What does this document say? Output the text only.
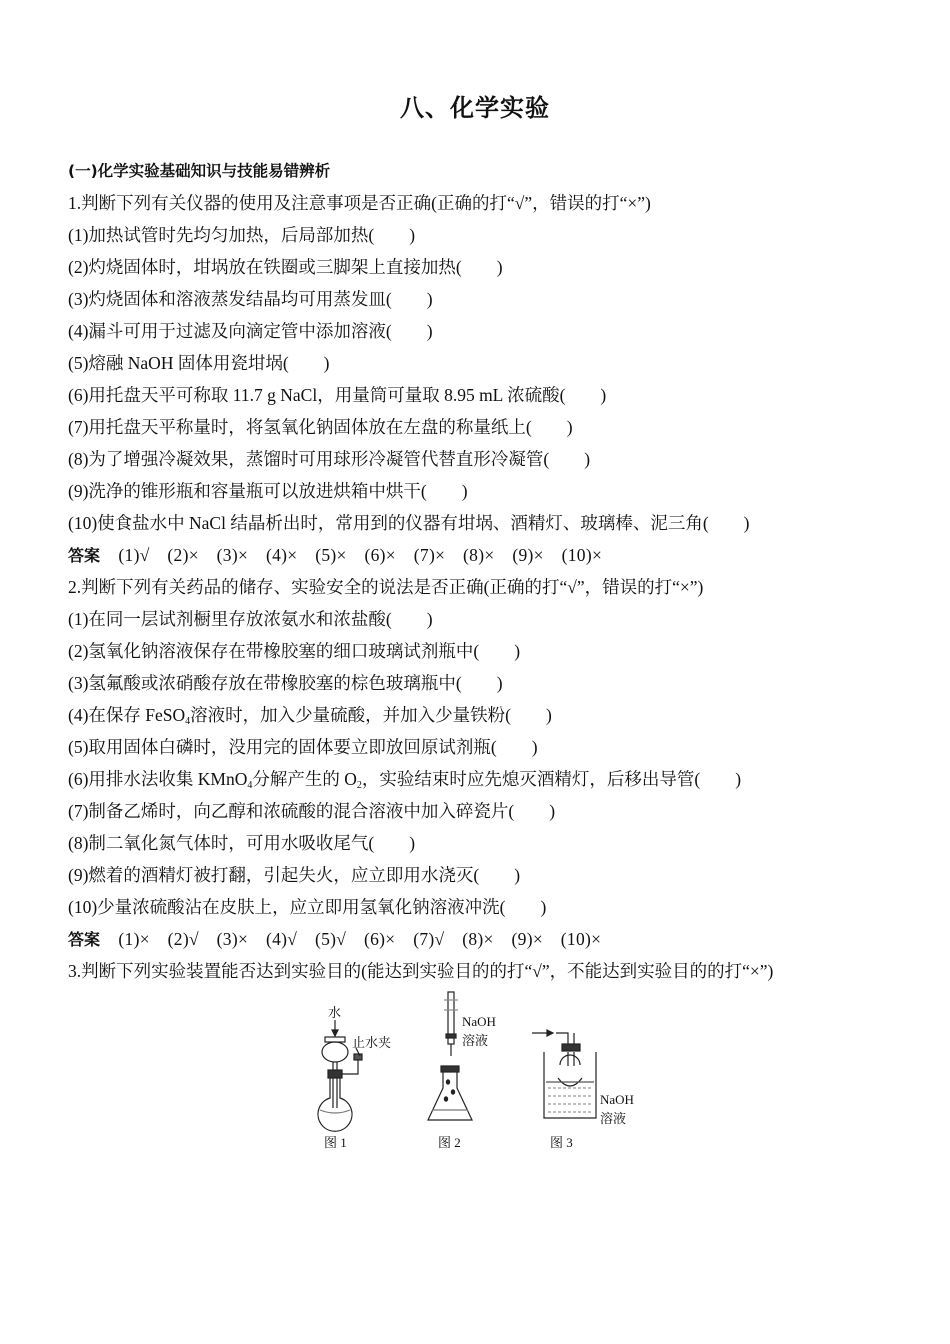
八、化学实验
(一)化学实验基础知识与技能易错辨析
1.判断下列有关仪器的使用及注意事项是否正确(正确的打“√”，错误的打“×”)
(1)加热试管时先均匀加热，后局部加热(　　)
(2)灼烧固体时，坩埚放在铁圈或三脚架上直接加热(　　)
(3)灼烧固体和溶液蒸发结晶均可用蒸发皿(　　)
(4)漏斗可用于过滤及向滴定管中添加溶液(　　)
(5)熔融 NaOH 固体用瓷坩埚(　　)
(6)用托盘天平可称取 11.7 g NaCl，用量筒可量取 8.95 mL 浓硫酸(　　)
(7)用托盘天平称量时，将氢氧化钠固体放在左盘的称量纸上(　　)
(8)为了增强冷凝效果，蒸馏时可用球形冷凝管代替直形冷凝管(　　)
(9)洗净的锥形瓶和容量瓶可以放进烘箱中烘干(　　)
(10)使食盐水中 NaCl 结晶析出时，常用到的仪器有坩埚、酒精灯、玻璃棒、泥三角(　　)
答案 (1)√　(2)×　(3)×　(4)×　(5)×　(6)×　(7)×　(8)×　(9)×　(10)×
2.判断下列有关药品的储存、实验安全的说法是否正确(正确的打“√”，错误的打“×”)
(1)在同一层试剂橱里存放浓氨水和浓盐酸(　　)
(2)氢氧化钠溶液保存在带橡胶塞的细口玻璃试剂瓶中(　　)
(3)氢氟酸或浓硝酸存放在带橡胶塞的棕色玻璃瓶中(　　)
(4)在保存 FeSO$_4$溶液时，加入少量硫酸，并加入少量铁粉(　　)
(5)取用固体白磷时，没用完的固体要立即放回原试剂瓶(　　)
(6)用排水法收集 KMnO$_4$分解产生的 $O_2$，实验结束时应先熄灭酒精灯，后移出导管(　　)
(7)制备乙烯时，向乙醇和浓硫酸的混合溶液中加入碎瓷片(　　)
(8)制二氧化氮气体时，可用水吸收尾气(　　)
(9)燃着的酒精灯被打翻，引起失火，应立即用水浇灭(　　)
(10)少量浓硫酸沾在皮肤上，应立即用氢氧化钠溶液冲洗(　　)
答案 (1)×　(2)√　(3)×　(4)√　(5)√　(6)×　(7)√　(8)×　(9)×　(10)×
3.判断下列实验装置能否达到实验目的(能达到实验目的的打“√”，不能达到实验目的的打“×”)
水
止水夹
图 1
NaOH
溶液
图 2
NaOH
溶液
图 3
